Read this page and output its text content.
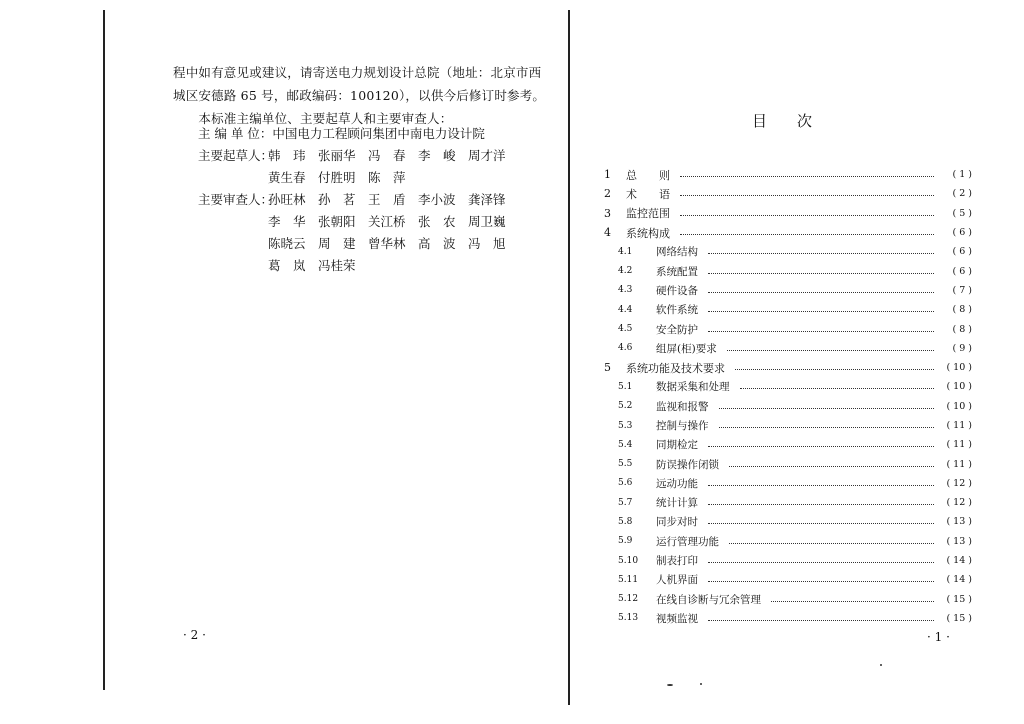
程中如有意见或建议，请寄送电力规划设计总院（地址：北京市西
城区安德路 65 号，邮政编码：100120），以供今后修订时参考。
　　本标准主编单位、主要起草人和主要审查人：
主 编 单 位： 中国电力工程顾问集团中南电力设计院
主要起草人：
韩　玮 张丽华 冯　春 李　峻 周才洋
黄生春 付胜明 陈　萍
主要审查人：
孙旺林 孙　茗 王　盾 李小波 龚泽锋
李　华 张朝阳 关江桥 张　农 周卫巍
陈晓云 周　建 曾华林 高　波 冯　旭
葛　岚 冯桂荣
· 2 ·
目次
1	总　　则	( 1 )
2	术　　语	( 2 )
3	监控范围	( 5 )
4	系统构成	( 6 )
4.1	网络结构	( 6 )
4.2	系统配置	( 6 )
4.3	硬件设备	( 7 )
4.4	软件系统	( 8 )
4.5	安全防护	( 8 )
4.6	组屏(柜)要求	( 9 )
5	系统功能及技术要求	( 10 )
5.1	数据采集和处理	( 10 )
5.2	监视和报警	( 10 )
5.3	控制与操作	( 11 )
5.4	同期检定	( 11 )
5.5	防误操作闭锁	( 11 )
5.6	远动功能	( 12 )
5.7	统计计算	( 12 )
5.8	同步对时	( 13 )
5.9	运行管理功能	( 13 )
5.10	制表打印	( 14 )
5.11	人机界面	( 14 )
5.12	在线自诊断与冗余管理	( 15 )
5.13	视频监视	( 15 )
· 1 ·
